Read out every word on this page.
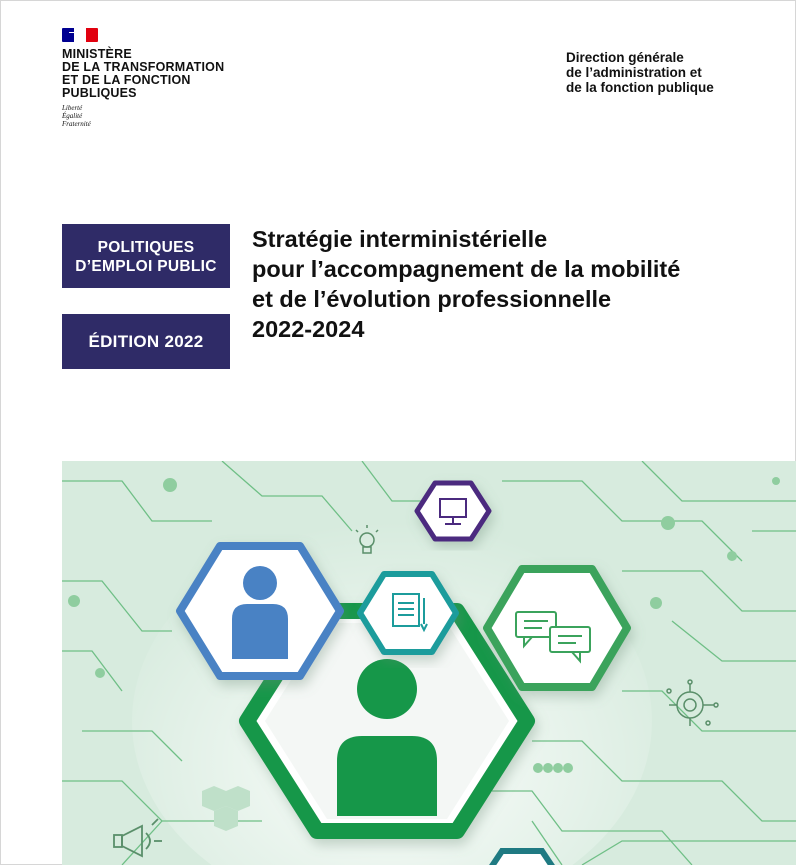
MINISTÈRE
DE LA TRANSFORMATION
ET DE LA FONCTION
PUBLIQUES
Liberté
Égalité
Fraternité
Direction générale
de l’administration et
de la fonction publique
POLITIQUES
D’EMPLOI PUBLIC
ÉDITION 2022
Stratégie interministérielle
pour l’accompagnement de la mobilité
et de l’évolution professionnelle
2022-2024
